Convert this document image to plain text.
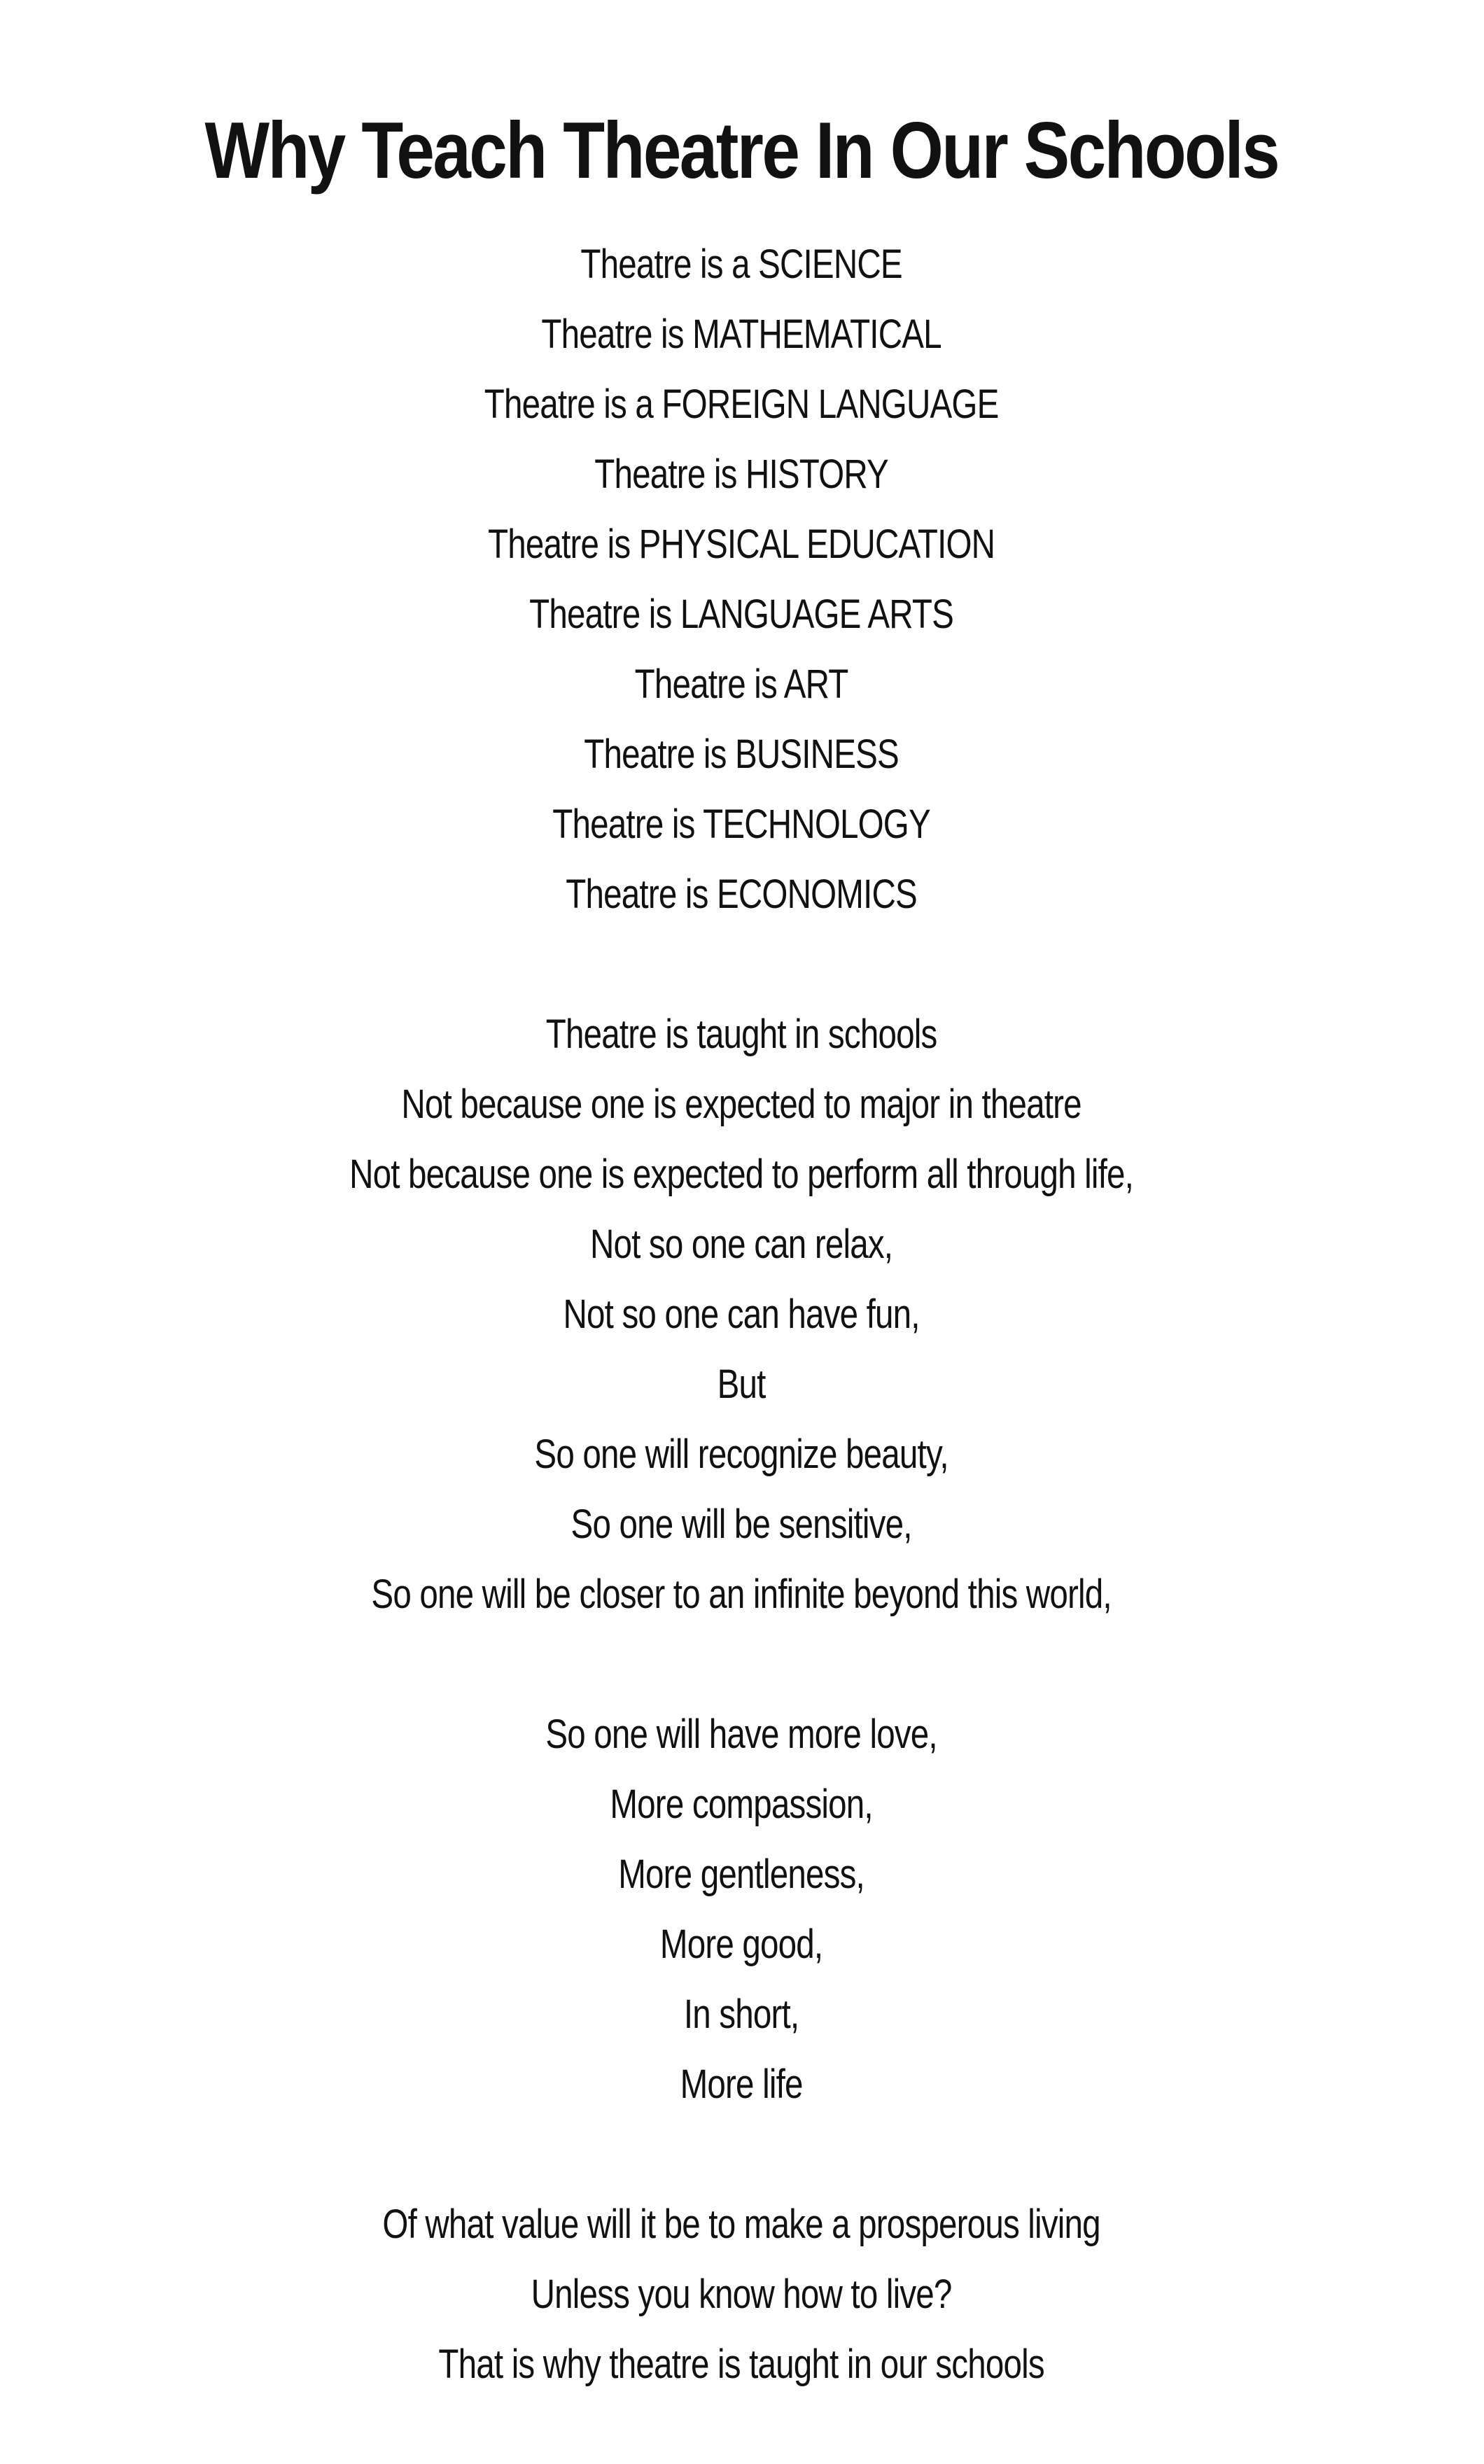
Why Teach Theatre In Our Schools
Theatre is a SCIENCE
Theatre is MATHEMATICAL
Theatre is a FOREIGN LANGUAGE
Theatre is HISTORY
Theatre is PHYSICAL EDUCATION
Theatre is LANGUAGE ARTS
Theatre is ART
Theatre is BUSINESS
Theatre is TECHNOLOGY
Theatre is ECONOMICS
Theatre is taught in schools
Not because one is expected to major in theatre
Not because one is expected to perform all through life,
Not so one can relax,
Not so one can have fun,
But
So one will recognize beauty,
So one will be sensitive,
So one will be closer to an infinite beyond this world,
So one will have more love,
More compassion,
More gentleness,
More good,
In short,
More life
Of what value will it be to make a prosperous living
Unless you know how to live?
That is why theatre is taught in our schools
